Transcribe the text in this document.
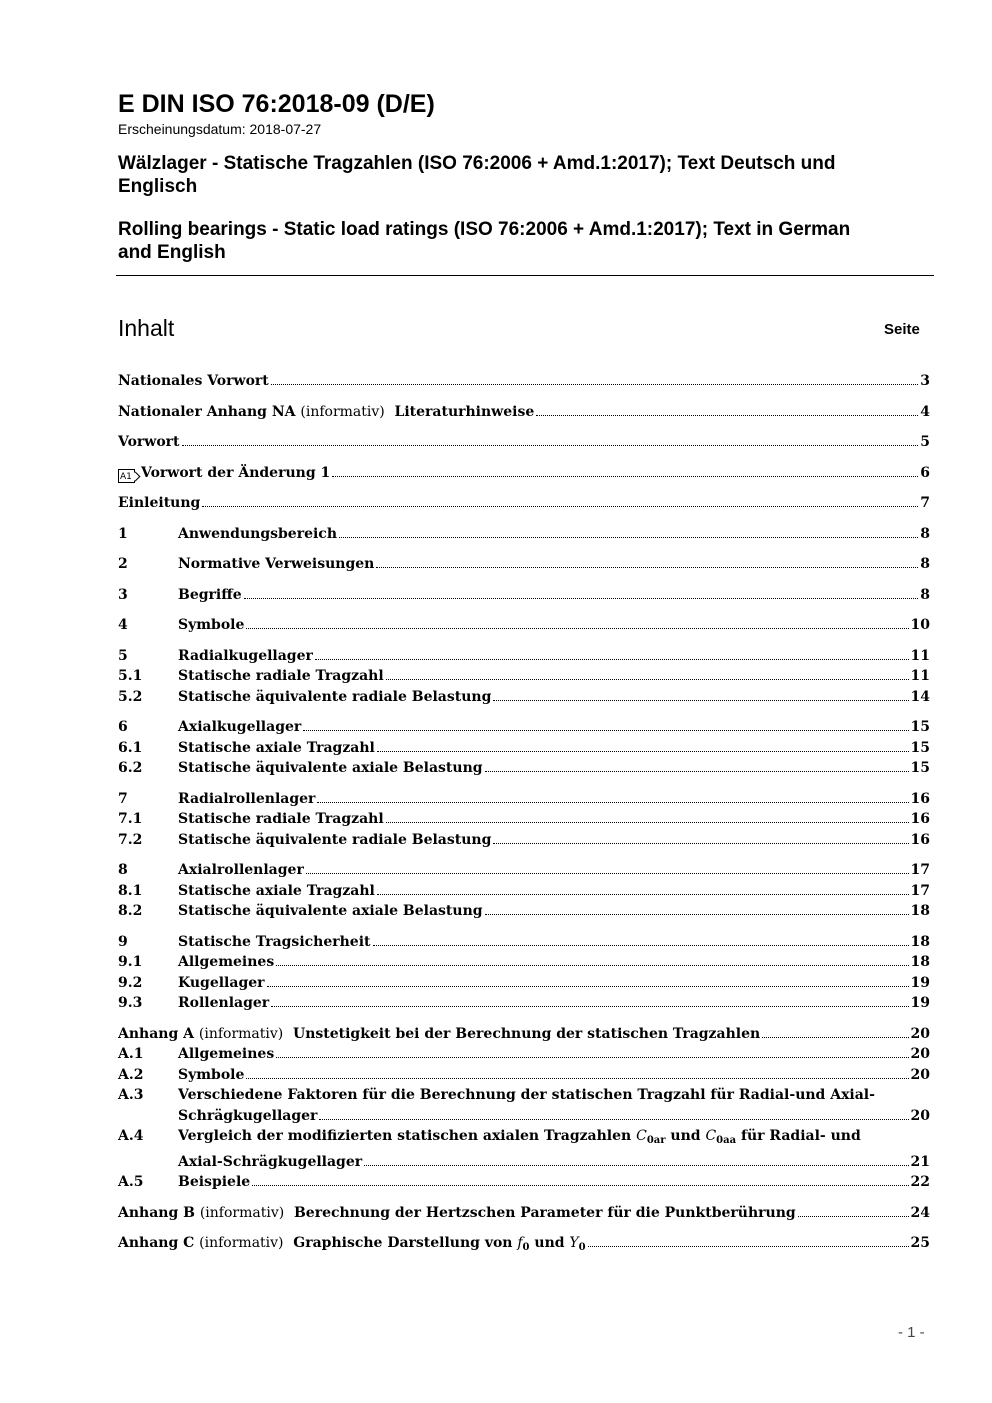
E DIN ISO 76:2018-09 (D/E)
Erscheinungsdatum: 2018-07-27
Wälzlager - Statische Tragzahlen (ISO 76:2006 + Amd.1:2017); Text Deutsch und
Englisch
Rolling bearings - Static load ratings (ISO 76:2006 + Amd.1:2017); Text in German
and English
Inhalt	Seite
Nationales Vorwort	3
Nationaler Anhang NA (informativ) Literaturhinweise	4
Vorwort	5
A1 Vorwort der Änderung 1	6
Einleitung	7
1	Anwendungsbereich	8
2	Normative Verweisungen	8
3	Begriffe	8
4	Symbole	10
5	Radialkugellager	11
5.1	Statische radiale Tragzahl	11
5.2	Statische äquivalente radiale Belastung	14
6	Axialkugellager	15
6.1	Statische axiale Tragzahl	15
6.2	Statische äquivalente axiale Belastung	15
7	Radialrollenlager	16
7.1	Statische radiale Tragzahl	16
7.2	Statische äquivalente radiale Belastung	16
8	Axialrollenlager	17
8.1	Statische axiale Tragzahl	17
8.2	Statische äquivalente axiale Belastung	18
9	Statische Tragsicherheit	18
9.1	Allgemeines	18
9.2	Kugellager	19
9.3	Rollenlager	19
Anhang A (informativ) Unstetigkeit bei der Berechnung der statischen Tragzahlen	20
A.1	Allgemeines	20
A.2	Symbole	20
A.3	Verschiedene Faktoren für die Berechnung der statischen Tragzahl für Radial-und Axial-
Schrägkugellager	20
A.4	Vergleich der modifizierten statischen axialen Tragzahlen $C_{0ar}$ und $C_{0aa}$ für Radial- und
Axial-Schrägkugellager	21
A.5	Beispiele	22
Anhang B (informativ) Berechnung der Hertzschen Parameter für die Punktberührung	24
Anhang C (informativ) Graphische Darstellung von $f_0$ und $Y_0$	25
- 1 -
